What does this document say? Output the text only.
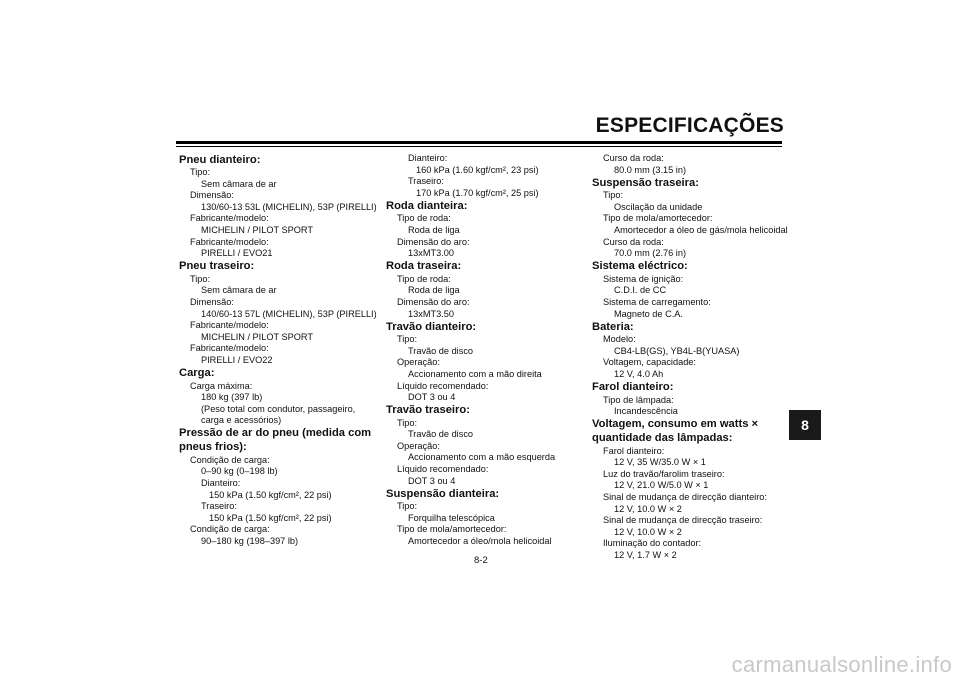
ESPECIFICAÇÕES
Pneu dianteiro:
Tipo:
Sem câmara de ar
Dimensão:
130/60-13 53L (MICHELIN), 53P (PIRELLI)
Fabricante/modelo:
MICHELIN / PILOT SPORT
Fabricante/modelo:
PIRELLI / EVO21
Pneu traseiro:
Tipo:
Sem câmara de ar
Dimensão:
140/60-13 57L (MICHELIN), 53P (PIRELLI)
Fabricante/modelo:
MICHELIN / PILOT SPORT
Fabricante/modelo:
PIRELLI / EVO22
Carga:
Carga máxima:
180 kg (397 lb)
(Peso total com condutor, passageiro,
carga e acessórios)
Pressão de ar do pneu (medida com
pneus frios):
Condição de carga:
0–90 kg (0–198 lb)
Dianteiro:
150 kPa (1.50 kgf/cm², 22 psi)
Traseiro:
150 kPa (1.50 kgf/cm², 22 psi)
Condição de carga:
90–180 kg (198–397 lb)
Dianteiro:
160 kPa (1.60 kgf/cm², 23 psi)
Traseiro:
170 kPa (1.70 kgf/cm², 25 psi)
Roda dianteira:
Tipo de roda:
Roda de liga
Dimensão do aro:
13xMT3.00
Roda traseira:
Tipo de roda:
Roda de liga
Dimensão do aro:
13xMT3.50
Travão dianteiro:
Tipo:
Travão de disco
Operação:
Accionamento com a mão direita
Líquido recomendado:
DOT 3 ou 4
Travão traseiro:
Tipo:
Travão de disco
Operação:
Accionamento com a mão esquerda
Líquido recomendado:
DOT 3 ou 4
Suspensão dianteira:
Tipo:
Forquilha telescópica
Tipo de mola/amortecedor:
Amortecedor a óleo/mola helicoidal
Curso da roda:
80.0 mm (3.15 in)
Suspensão traseira:
Tipo:
Oscilação da unidade
Tipo de mola/amortecedor:
Amortecedor a óleo de gás/mola helicoidal
Curso da roda:
70.0 mm (2.76 in)
Sistema eléctrico:
Sistema de ignição:
C.D.I. de CC
Sistema de carregamento:
Magneto de C.A.
Bateria:
Modelo:
CB4-LB(GS), YB4L-B(YUASA)
Voltagem, capacidade:
12 V, 4.0 Ah
Farol dianteiro:
Tipo de lâmpada:
Incandescência
Voltagem, consumo em watts ×
quantidade das lâmpadas:
Farol dianteiro:
12 V, 35 W/35.0 W × 1
Luz do travão/farolim traseiro:
12 V, 21.0 W/5.0 W × 1
Sinal de mudança de direcção dianteiro:
12 V, 10.0 W × 2
Sinal de mudança de direcção traseiro:
12 V, 10.0 W × 2
Iluminação do contador:
12 V, 1.7 W × 2
8
8-2
carmanualsonline.info
